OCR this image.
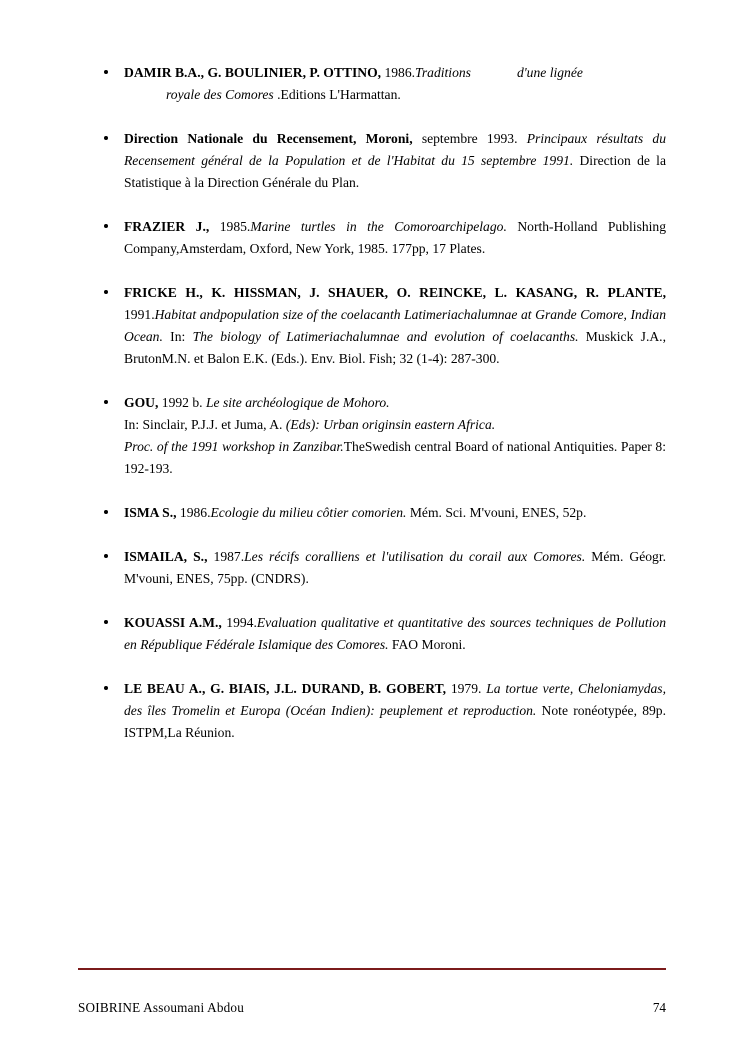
DAMIR B.A., G. BOULINIER, P. OTTINO, 1986.Traditions	d'une lignée
royale des Comores .Editions L'Harmattan.
Direction Nationale du Recensement, Moroni, septembre 1993. Principaux résultats du Recensement général de la Population et de l'Habitat du 15 septembre 1991. Direction de la Statistique à la Direction Générale du Plan.
FRAZIER J., 1985.Marine turtles in the Comoroarchipelago. North-Holland Publishing Company,Amsterdam, Oxford, New York, 1985. 177pp, 17 Plates.
FRICKE H., K. HISSMAN, J. SHAUER, O. REINCKE, L. KASANG, R. PLANTE, 1991.Habitat andpopulation size of the coelacanth Latimeriachalumnae at Grande Comore, Indian Ocean. In: The biology of Latimeriachalumnae and evolution of coelacanths. Muskick J.A., BrutonM.N. et Balon E.K. (Eds.). Env. Biol. Fish; 32 (1-4): 287-300.
GOU, 1992 b. Le site archéologique de Mohoro.
In: Sinclair, P.J.J. et Juma, A. (Eds): Urban originsin eastern Africa.
Proc. of the 1991 workshop in Zanzibar.TheSwedish central Board of national Antiquities. Paper 8: 192-193.
ISMA S., 1986.Ecologie du milieu côtier comorien. Mém. Sci. M'vouni, ENES, 52p.
ISMAILA, S., 1987.Les récifs coralliens et l'utilisation du corail aux Comores. Mém. Géogr. M'vouni, ENES, 75pp. (CNDRS).
KOUASSI A.M., 1994.Evaluation qualitative et quantitative des sources techniques de Pollution en République Fédérale Islamique des Comores. FAO Moroni.
LE BEAU A., G. BIAIS, J.L. DURAND, B. GOBERT, 1979. La tortue verte, Cheloniamydas, des îles Tromelin et Europa (Océan Indien): peuplement et reproduction. Note ronéotypée, 89p. ISTPM,La Réunion.
SOIBRINE Assoumani Abdou	74
